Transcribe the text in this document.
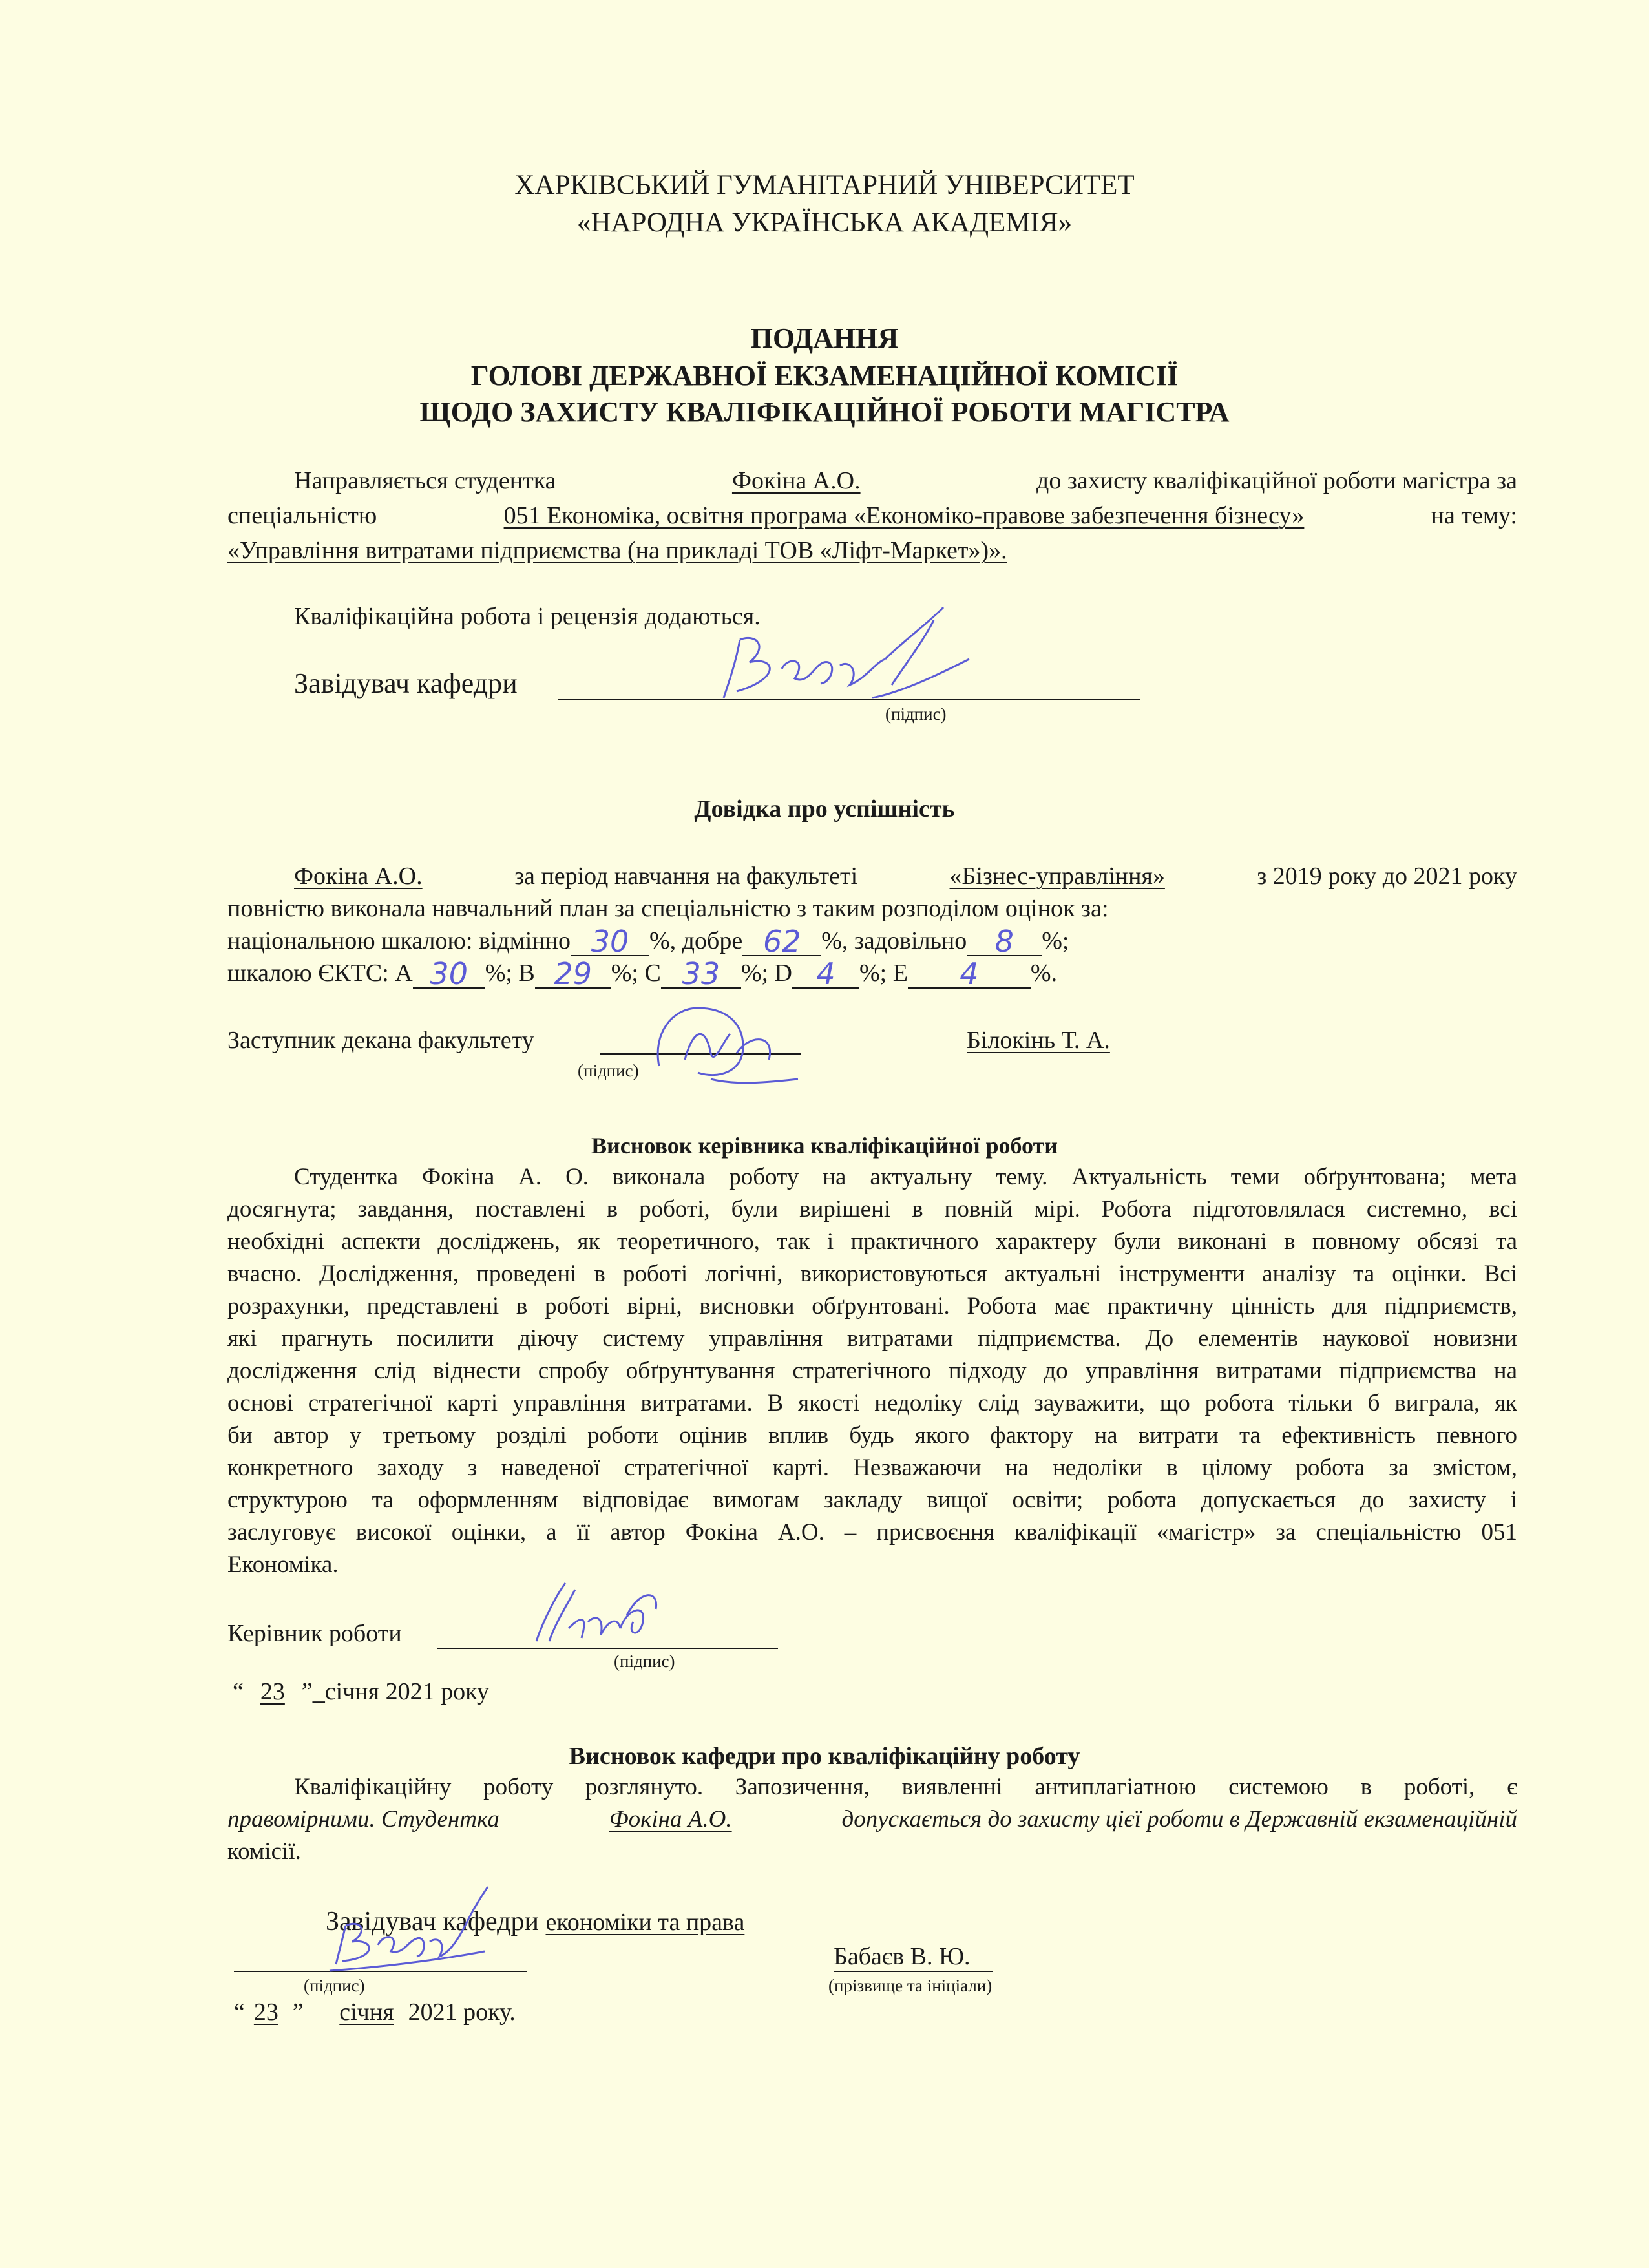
ХАРКІВСЬКИЙ ГУМАНІТАРНИЙ УНІВЕРСИТЕТ
«НАРОДНА УКРАЇНСЬКА АКАДЕМІЯ»
ПОДАННЯ
ГОЛОВІ ДЕРЖАВНОЇ ЕКЗАМЕНАЦІЙНОЇ КОМІСІЇ
ЩОДО ЗАХИСТУ КВАЛІФІКАЦІЙНОЇ РОБОТИ МАГІСТРА
Направляється студентка	Фокіна А.О.	до захисту кваліфікаційної роботи магістра за
спеціальністю	051 Економіка, освітня програма «Економіко-правове забезпечення бізнесу»	на тему:
«Управління витратами підприємства (на прикладі ТОВ «Ліфт-Маркет»)».
Кваліфікаційна робота і рецензія додаються.
Завідувач кафедри
(підпис)
Довідка про успішність
Фокіна А.О.	за період навчання на факультеті	«Бізнес-управління»	з 2019 року до 2021 року
повністю виконала навчальний план за спеціальністю з таким розподілом оцінок за:
національною шкалою: відмінно 30 %, добре 62 %, задовільно 8	%;
шкалою ЄКТС: А 30 %; В 29 %; С 33 %; D 4 %; Е	4	%.
Заступник декана факультету
(підпис)
Білокінь Т. А.
Висновок керівника кваліфікаційної роботи
Студентка Фокіна А. О. виконала роботу на актуальну тему. Актуальність теми обґрунтована; мета
досягнута; завдання, поставлені в роботі, були вирішені в повній мірі. Робота підготовлялася системно, всі
необхідні аспекти досліджень, як теоретичного, так і практичного характеру були виконані в повному обсязі та
вчасно. Дослідження, проведені в роботі логічні, використовуються актуальні інструменти аналізу та оцінки. Всі
розрахунки, представлені в роботі вірні, висновки обґрунтовані. Робота має практичну цінність для підприємств,
які прагнуть посилити діючу систему управління витратами підприємства. До елементів наукової новизни
дослідження слід віднести спробу обґрунтування стратегічного підходу до управління витратами підприємства на
основі стратегічної карті управління витратами. В якості недоліку слід зауважити, що робота тільки б виграла, як
би автор у третьому розділі роботи оцінив вплив будь якого фактору на витрати та ефективність певного
конкретного заходу з наведеної стратегічної карті. Незважаючи на недоліки в цілому робота за змістом,
структурою та оформленням відповідає вимогам закладу вищої освіти; робота допускається до захисту і
заслуговує високої оцінки, а її автор Фокіна А.О. – присвоєння кваліфікації «магістр» за спеціальністю 051
Економіка.
Керівник роботи
(підпис)
“ 23 ”_січня 2021 року
Висновок кафедри про кваліфікаційну роботу
Кваліфікаційну роботу розглянуто. Запозичення, виявленні антиплагіатною системою в роботі, є
правомірними. Студентка	Фокіна А.О.	допускається до захисту цієї роботи в Державній екзаменаційній
комісії.
Завідувач кафедри економіки та права
(підпис)
Бабаєв В. Ю.
(прізвище та ініціали)
“ 23 ” січня 2021 року.
